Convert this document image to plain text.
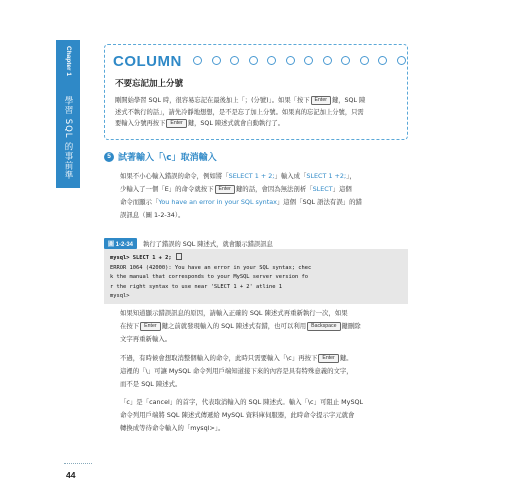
Chapter 1
學習 SQL 的事前準備
COLUMN
不要忘記加上分號
剛開始學習 SQL 時，很容易忘記在最後加上「；(分號)」。如果「按下 Enter 鍵，SQL 陳
述式不執行的話」，請先冷靜地想想，是不是忘了加上分號。如果真的忘記加上分號，只需
要輸入分號再按下 Enter 鍵，SQL 陳述式就會自動執行了。
5 試著輸入「\c」取消輸入
如果不小心輸入錯誤的命令，例如將「SELECT 1 + 2;」輸入成「SLECT 1 +2;」，
少輸入了一個「E」的命令就按下 Enter 鍵的話，會因為無法剖析「SLECT」這個
命令而顯示「You have an error in your SQL syntax」這個「SQL 語法有誤」的錯
誤訊息（圖 1-2-34）。
圖 1-2-34	執行了錯誤的 SQL 陳述式，就會顯示錯誤訊息
mysql> SLECT 1 + 2;
ERROR 1064 (42000): You have an error in your SQL syntax; chec
k the manual that corresponds to your MySQL server version fo
r the right syntax to use near 'SLECT 1 + 2' atline 1
mysql>
如果知道顯示錯誤訊息的原因，請輸入正確的 SQL 陳述式再重新執行一次，如果
在按下 Enter 鍵之前就發現輸入的 SQL 陳述式有錯，也可以利用 Backspace 鍵刪除
文字再重新輸入。
不過，有時候會想取消整個輸入的命令，此時只需要輸入「\c」再按下 Enter 鍵。
這裡的「\」可讓 MySQL 命令列用戶端知道接下來的內容是具有特殊意義的文字，
而不是 SQL 陳述式。
「c」是「cancel」的首字，代表取消輸入的 SQL 陳述式。輸入「\c」可阻止 MySQL
命令列用戶端將 SQL 陳述式傳遞給 MySQL 資料庫伺服器，此時命令提示字元就會
轉換成等待命令輸入的「mysql>」。
44
